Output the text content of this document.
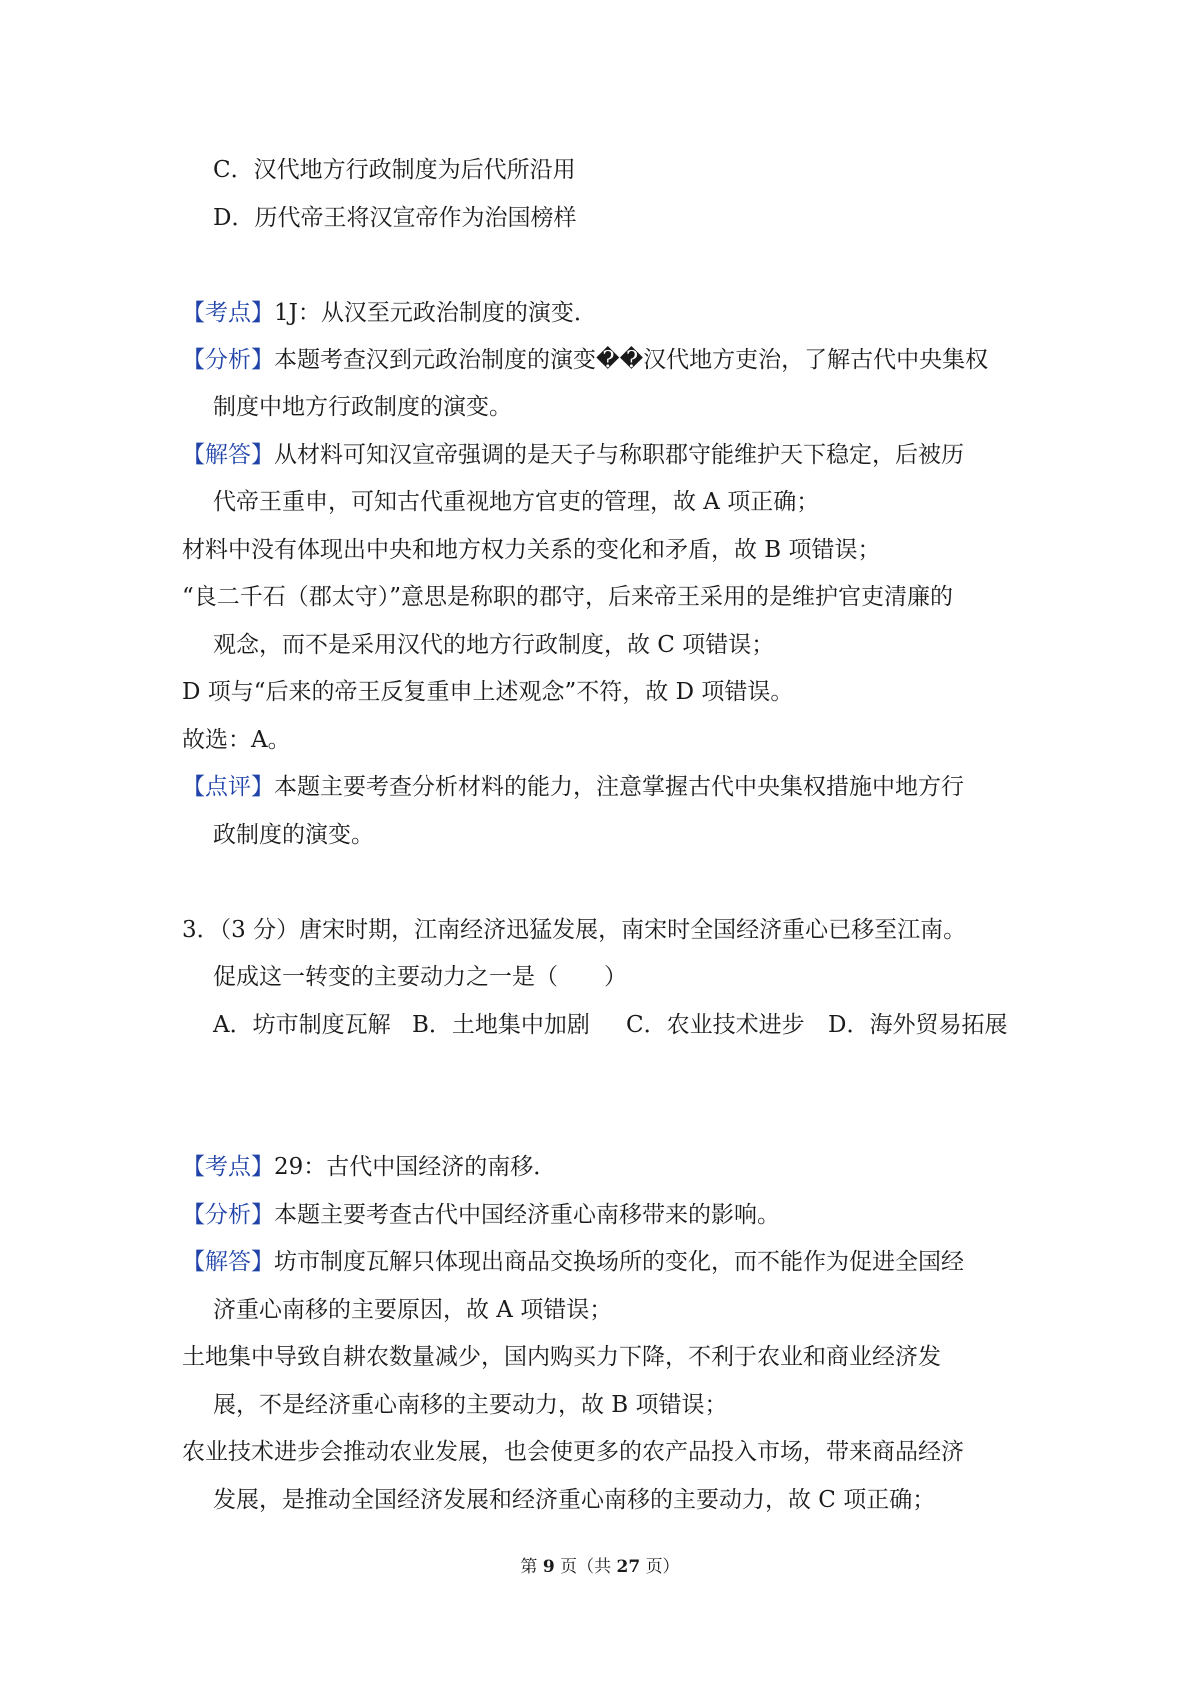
C．汉代地方行政制度为后代所沿用
D．历代帝王将汉宣帝作为治国榜样
【考点】1J：从汉至元政治制度的演变．
【分析】本题考查汉到元政治制度的演变��汉代地方吏治，了解古代中央集权
制度中地方行政制度的演变。
【解答】从材料可知汉宣帝强调的是天子与称职郡守能维护天下稳定，后被历
代帝王重申，可知古代重视地方官吏的管理，故 A 项正确；
材料中没有体现出中央和地方权力关系的变化和矛盾，故 B 项错误；
“良二千石（郡太守）”意思是称职的郡守，后来帝王采用的是维护官吏清廉的
观念，而不是采用汉代的地方行政制度，故 C 项错误；
D 项与“后来的帝王反复重申上述观念”不符，故 D 项错误。
故选：A。
【点评】本题主要考查分析材料的能力，注意掌握古代中央集权措施中地方行
政制度的演变。
3．（3 分）唐宋时期，江南经济迅猛发展，南宋时全国经济重心已移至江南。
促成这一转变的主要动力之一是（　　）
A．坊市制度瓦解 B．土地集中加剧 C．农业技术进步 D．海外贸易拓展
【考点】29：古代中国经济的南移．
【分析】本题主要考查古代中国经济重心南移带来的影响。
【解答】坊市制度瓦解只体现出商品交换场所的变化，而不能作为促进全国经
济重心南移的主要原因，故 A 项错误；
土地集中导致自耕农数量减少，国内购买力下降，不利于农业和商业经济发
展，不是经济重心南移的主要动力，故 B 项错误；
农业技术进步会推动农业发展，也会使更多的农产品投入市场，带来商品经济
发展，是推动全国经济发展和经济重心南移的主要动力，故 C 项正确；
第 9 页（共 27 页）
